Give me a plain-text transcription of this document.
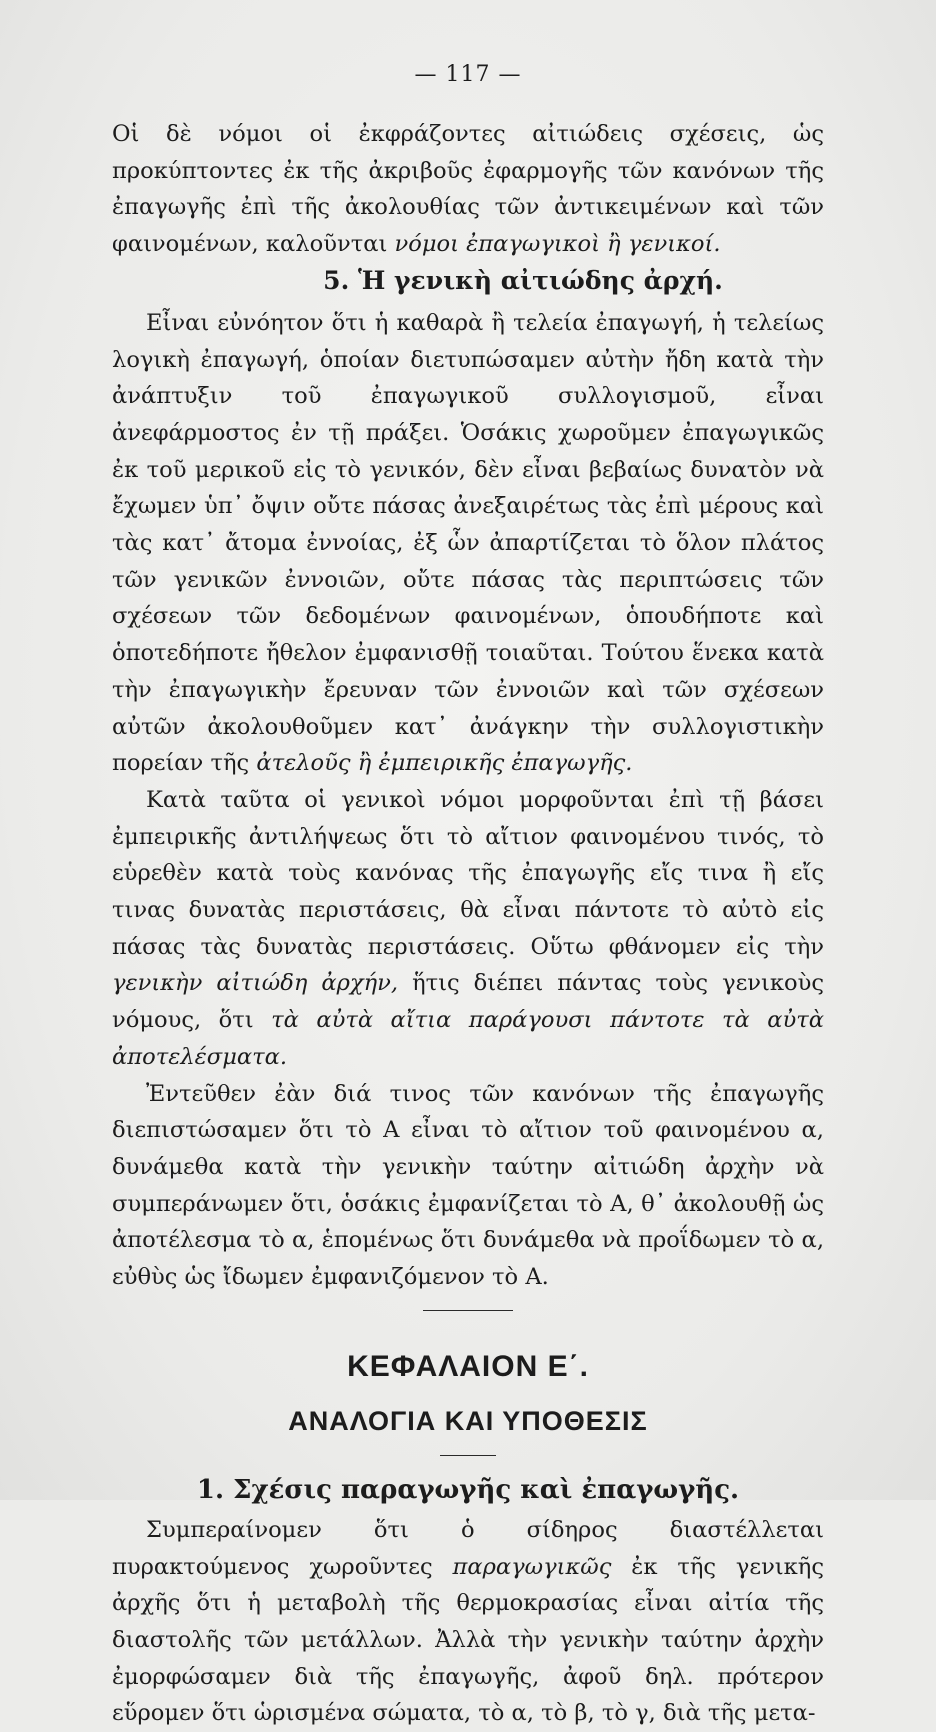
— 117 —

Οἱ δὲ νόμοι οἱ ἐκφράζοντες αἰτιώδεις σχέσεις, ὡς προκύπτοντες ἐκ τῆς ἀκριβοῦς ἐφαρμογῆς τῶν κανόνων τῆς ἐπαγωγῆς ἐπὶ τῆς ἀκολουθίας τῶν ἀντικειμένων καὶ τῶν φαινομένων, καλοῦνται νόμοι ἐπαγωγικοὶ ἢ γενικοί.

5. Ἡ γενικὴ αἰτιώδης ἀρχή.

Εἶναι εὐνόητον ὅτι ἡ καθαρὰ ἢ τελεία ἐπαγωγή, ἡ τελείως λογικὴ ἐπαγωγή, ὁποίαν διετυπώσαμεν αὐτὴν ἤδη κατὰ τὴν ἀνάπτυξιν τοῦ ἐπαγωγικοῦ συλλογισμοῦ, εἶναι ἀνεφάρμοστος ἐν τῇ πράξει. Ὁσάκις χωροῦμεν ἐπαγωγικῶς ἐκ τοῦ μερικοῦ εἰς τὸ γενικόν, δὲν εἶναι βεβαίως δυνατὸν νὰ ἔχωμεν ὑπ᾽ ὄψιν οὔτε πάσας ἀνεξαιρέτως τὰς ἐπὶ μέρους καὶ τὰς κατ᾽ ἄτομα ἐννοίας, ἐξ ὧν ἀπαρτίζεται τὸ ὅλον πλάτος τῶν γενικῶν ἐννοιῶν, οὔτε πάσας τὰς περιπτώσεις τῶν σχέσεων τῶν δεδομένων φαινομένων, ὁπουδήποτε καὶ ὁποτεδήποτε ἤθελον ἐμφανισθῇ τοιαῦται. Τούτου ἕνεκα κατὰ τὴν ἐπαγωγικὴν ἔρευναν τῶν ἐννοιῶν καὶ τῶν σχέσεων αὐτῶν ἀκολουθοῦμεν κατ᾽ ἀνάγκην τὴν συλλογιστικὴν πορείαν τῆς ἀτελοῦς ἢ ἐμπειρικῆς ἐπαγωγῆς.

Κατὰ ταῦτα οἱ γενικοὶ νόμοι μορφοῦνται ἐπὶ τῇ βάσει ἐμπειρικῆς ἀντιλήψεως ὅτι τὸ αἴτιον φαινομένου τινός, τὸ εὑρεθὲν κατὰ τοὺς κανόνας τῆς ἐπαγωγῆς εἴς τινα ἢ εἴς τινας δυνατὰς περιστάσεις, θὰ εἶναι πάντοτε τὸ αὐτὸ εἰς πάσας τὰς δυνατὰς περιστάσεις. Οὕτω φθάνομεν εἰς τὴν γενικὴν αἰτιώδη ἀρχήν, ἥτις διέπει πάντας τοὺς γενικοὺς νόμους, ὅτι τὰ αὐτὰ αἴτια παράγουσι πάντοτε τὰ αὐτὰ ἀποτελέσματα.

Ἐντεῦθεν ἐὰν διά τινος τῶν κανόνων τῆς ἐπαγωγῆς διεπιστώσαμεν ὅτι τὸ Α εἶναι τὸ αἴτιον τοῦ φαινομένου α, δυνάμεθα κατὰ τὴν γενικὴν ταύτην αἰτιώδη ἀρχὴν νὰ συμπεράνωμεν ὅτι, ὁσάκις ἐμφανίζεται τὸ Α, θ᾽ ἀκολουθῇ ὡς ἀποτέλεσμα τὸ α, ἑπομένως ὅτι δυνάμεθα νὰ προΐδωμεν τὸ α, εὐθὺς ὡς ἴδωμεν ἐμφανιζόμενον τὸ Α.

ΚΕΦΑΛΑΙΟΝ Ε΄.
ΑΝΑΛΟΓΙΑ ΚΑΙ ΥΠΟΘΕΣΙΣ
1. Σχέσις παραγωγῆς καὶ ἐπαγωγῆς.

Συμπεραίνομεν ὅτι ὁ σίδηρος διαστέλλεται πυρακτούμενος χωροῦντες παραγωγικῶς ἐκ τῆς γενικῆς ἀρχῆς ὅτι ἡ μεταβολὴ τῆς θερμοκρασίας εἶναι αἰτία τῆς διαστολῆς τῶν μετάλλων. Ἀλλὰ τὴν γενικὴν ταύτην ἀρχὴν ἐμορφώσαμεν διὰ τῆς ἐπαγωγῆς, ἀφοῦ δηλ. πρότερον εὕρομεν ὅτι ὡρισμένα σώματα, τὸ α, τὸ β, τὸ γ, διὰ τῆς μετα-
